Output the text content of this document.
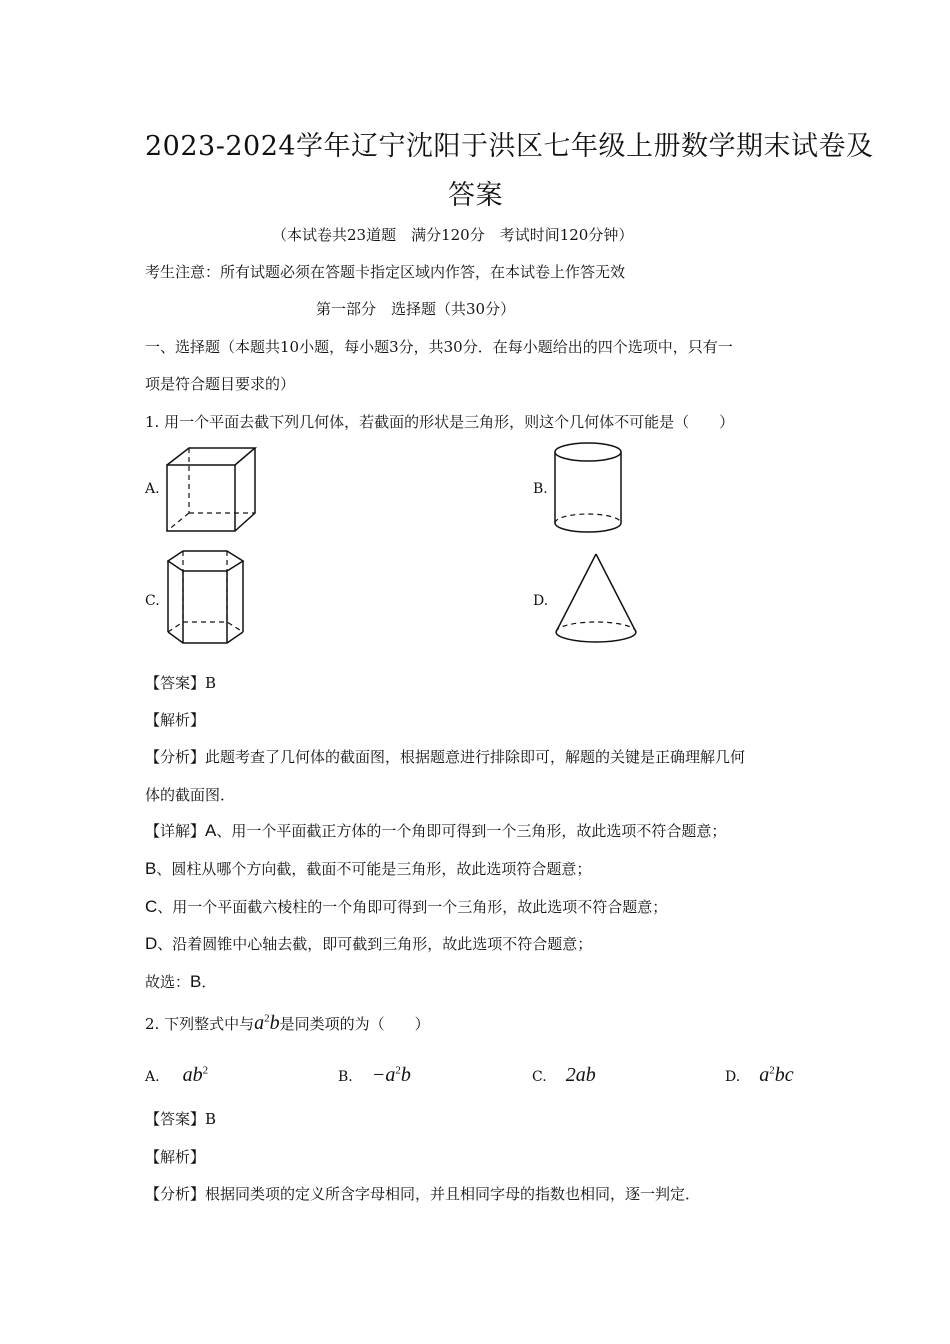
2023-2024学年辽宁沈阳于洪区七年级上册数学期末试卷及
答案
（本试卷共23道题　满分120分　考试时间120分钟）
考生注意：所有试题必须在答题卡指定区域内作答，在本试卷上作答无效
第一部分　选择题（共30分）
一、选择题（本题共10小题，每小题3分，共30分．在每小题给出的四个选项中，只有一
项是符合题目要求的）
1. 用一个平面去截下列几何体，若截面的形状是三角形，则这个几何体不可能是（　　）
A.	B.
C.	D.
【答案】B
【解析】
【分析】此题考查了几何体的截面图，根据题意进行排除即可，解题的关键是正确理解几何
体的截面图．
【详解】A、用一个平面截正方体的一个角即可得到一个三角形，故此选项不符合题意；
B、圆柱从哪个方向截，截面不可能是三角形，故此选项符合题意；
C、用一个平面截六棱柱的一个角即可得到一个三角形，故此选项不符合题意；
D、沿着圆锥中心轴去截，即可截到三角形，故此选项不符合题意；
故选：B．
2. 下列整式中与$a^2b$是同类项的为（　　）
A. $ab^2$	B. $-a^2b$	C. 2ab	D. $a^2bc$
【答案】B
【解析】
【分析】根据同类项的定义所含字母相同，并且相同字母的指数也相同，逐一判定．
